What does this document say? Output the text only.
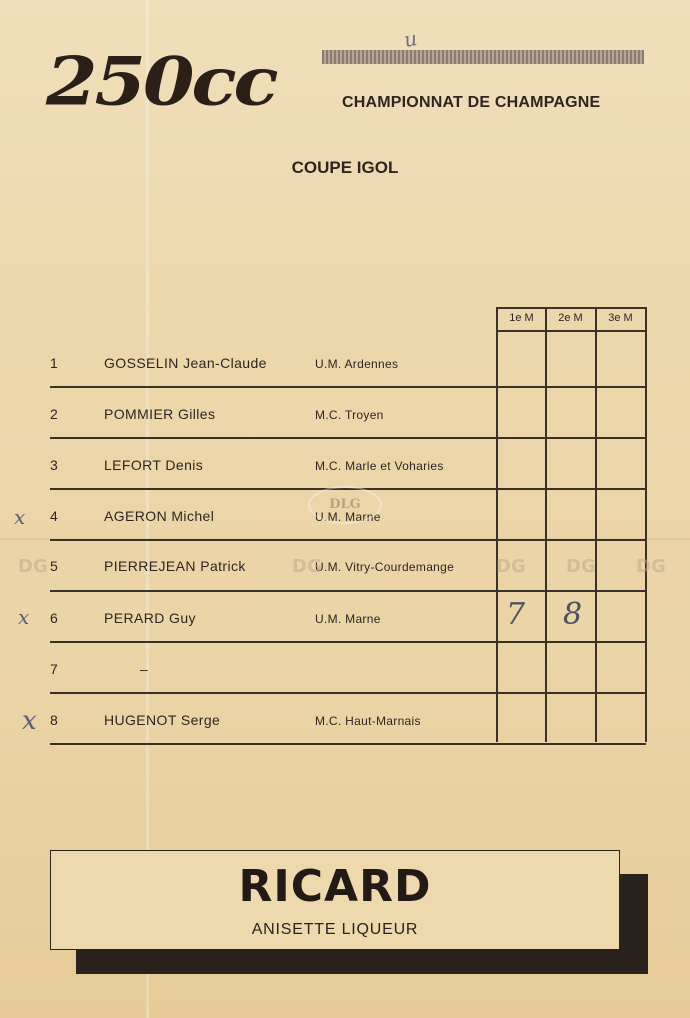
u
250cc	CHAMPIONNAT DE CHAMPAGNE
COUPE IGOL
1e M	2e M	3e M
1	GOSSELIN Jean-Claude	U.M. Ardennes
2	POMMIER Gilles	M.C. Troyen
3	LEFORT Denis	M.C. Marle et Voharies
4	AGERON Michel	U.M. Marne
5	PIERREJEAN Patrick	U.M. Vitry-Courdemange
6	PERARD Guy	U.M. Marne	7 8
7	–
8	HUGENOT Serge	M.C. Haut-Marnais
x
x
x
DLG
DG	DG	DG DG DG
RICARD
ANISETTE LIQUEUR
